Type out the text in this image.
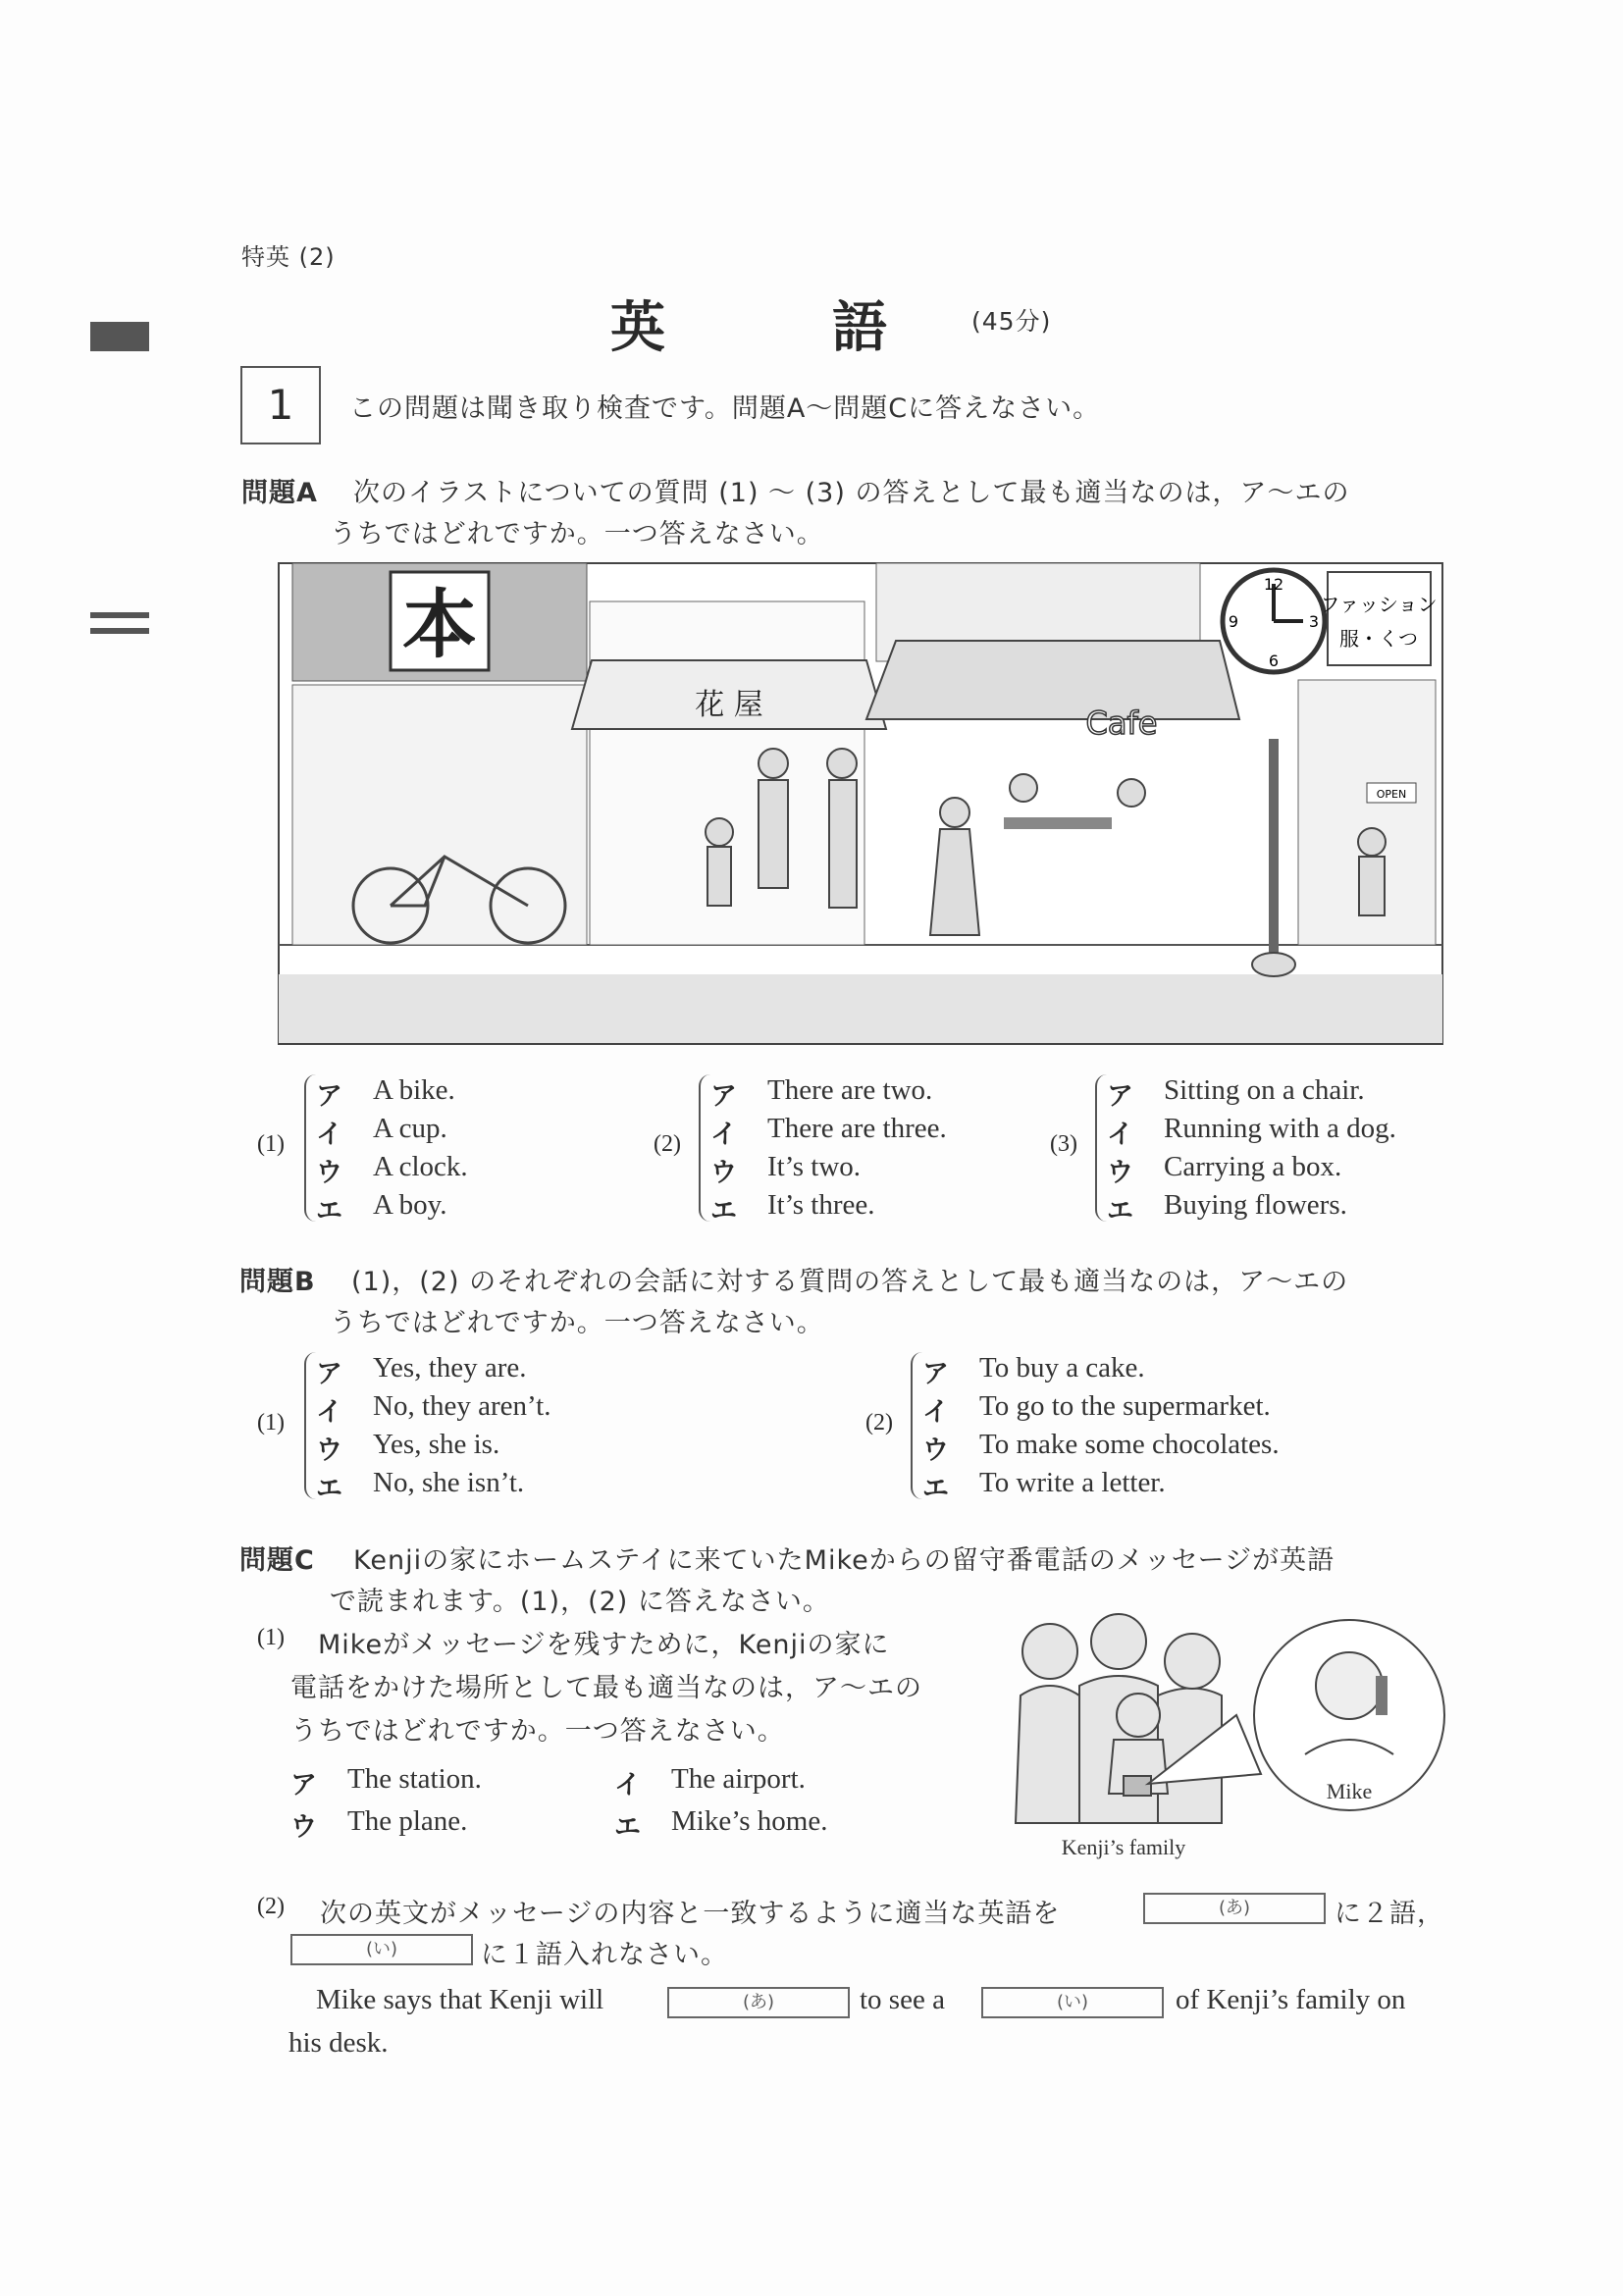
特英 (2)
英	語	(45分)
1	この問題は聞き取り検査です。問題A～問題Cに答えなさい。
問題A 次のイラストについての質問 (1) ～ (3) の答えとして最も適当なのは，ア～エの
うちではどれですか。一つ答えなさい。
本
花 屋	Cafe
12
3
6
9
ファッション
服・くつ
OPEN
(1)
ア	A bike.
イ	A cup.
ウ	A clock.
エ	A boy.
(2)
ア	There are two.
イ	There are three.
ウ	It’s two.
エ	It’s three.
(3)
ア	Sitting on a chair.
イ	Running with a dog.
ウ	Carrying a box.
エ	Buying flowers.
問題B (1)，(2) のそれぞれの会話に対する質問の答えとして最も適当なのは，ア～エの
うちではどれですか。一つ答えなさい。
(1)
ア	Yes, they are.
イ	No, they aren’t.
ウ	Yes, she is.
エ	No, she isn’t.
(2)
ア	To buy a cake.
イ	To go to the supermarket.
ウ	To make some chocolates.
エ	To write a letter.
問題C Kenjiの家にホームステイに来ていたMikeからの留守番電話のメッセージが英語
で読まれます。(1)，(2) に答えなさい。
(1) Mikeがメッセージを残すために，Kenjiの家に
電話をかけた場所として最も適当なのは，ア～エの
うちではどれですか。一つ答えなさい。
ア	The station.	イ	The airport.
ウ	The plane.	エ	Mike’s home.
Mike
Kenji’s family
(2) 次の英文がメッセージの内容と一致するように適当な英語を	(あ)	に２語，
(い)	に１語入れなさい。
Mike says that Kenji will	(あ)	to see a	(い)	of Kenji’s family on
his desk.
